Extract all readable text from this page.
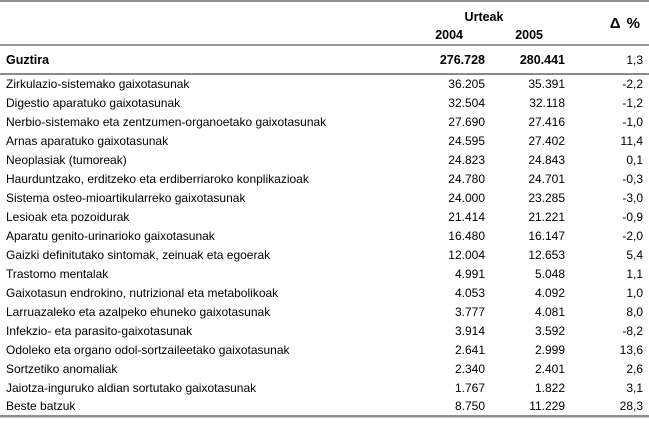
	Urteak		Δ %
	2004	2005	
Guztira	276.728	280.441	1,3
Zirkulazio-sistemako gaixotasunak	36.205	35.391	-2,2
Digestio aparatuko gaixotasunak	32.504	32.118	-1,2
Nerbio-sistemako eta zentzumen-organoetako gaixotasunak	27.690	27.416	-1,0
Arnas aparatuko gaixotasunak	24.595	27.402	11,4
Neoplasiak (tumoreak)	24.823	24.843	0,1
Haurduntzako, erditzeko eta erdiberriaroko konplikazioak	24.780	24.701	-0,3
Sistema osteo-mioartikularreko gaixotasunak	24.000	23.285	-3,0
Lesioak eta pozoidurak	21.414	21.221	-0,9
Aparatu genito-urinarioko gaixotasunak	16.480	16.147	-2,0
Gaizki definitutako sintomak, zeinuak eta egoerak	12.004	12.653	5,4
Trastomo mentalak	4.991	5.048	1,1
Gaixotasun endrokino, nutrizional eta metabolikoak	4.053	4.092	1,0
Larruazaleko eta azalpeko ehuneko gaixotasunak	3.777	4.081	8,0
Infekzio- eta parasito-gaixotasunak	3.914	3.592	-8,2
Odoleko eta organo odol-sortzaileetako gaixotasunak	2.641	2.999	13,6
Sortzetiko anomaliak	2.340	2.401	2,6
Jaiotza-inguruko aldian sortutako gaixotasunak	1.767	1.822	3,1
Beste batzuk	8.750	11.229	28,3
